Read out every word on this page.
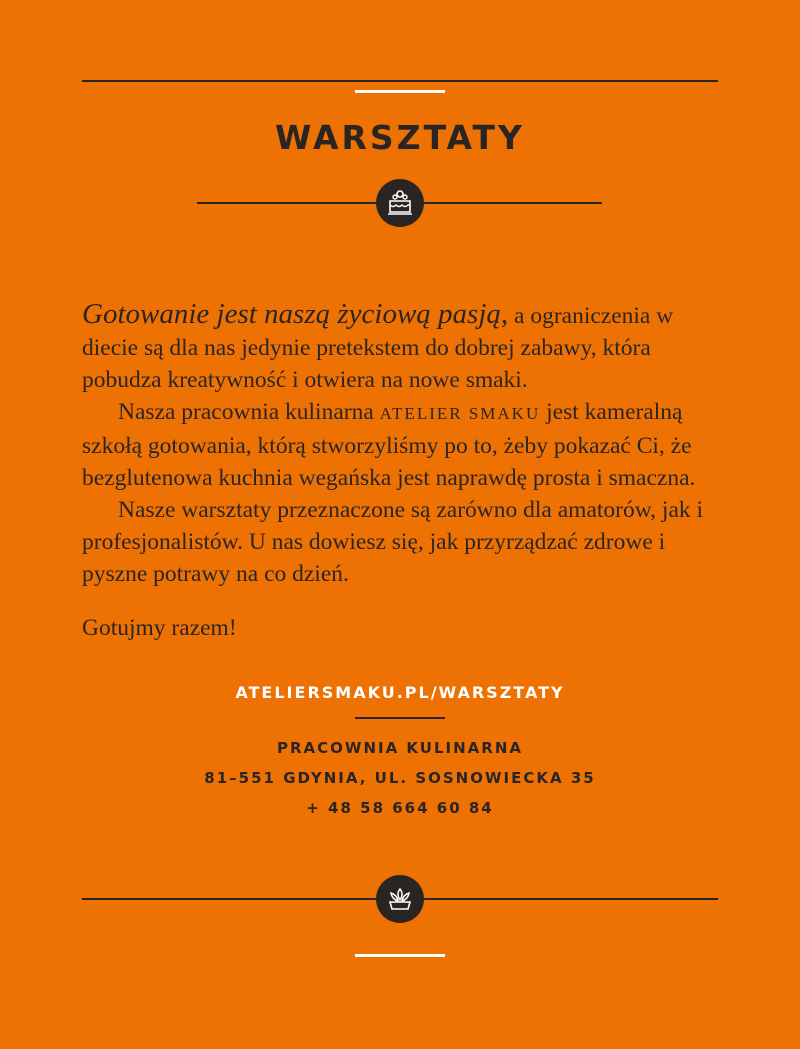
WARSZTATY

Gotowanie jest naszą życiową pasją, a ograniczenia w diecie są dla nas jedynie pretekstem do dobrej zabawy, która pobudza kreatywność i otwiera na nowe smaki.

Nasza pracownia kulinarna ATELIER SMAKU jest kameralną szkołą gotowania, którą stworzyliśmy po to, żeby pokazać Ci, że bezglutenowa kuchnia wegańska jest naprawdę prosta i smaczna.

Nasze warsztaty przeznaczone są zarówno dla amatorów, jak i profesjonalistów. U nas dowiesz się, jak przyrządzać zdrowe i pyszne potrawy na co dzień.

Gotujmy razem!

ATELIERSMAKU.PL/WARSZTATY
PRACOWNIA KULINARNA
81–551 GDYNIA, UL. SOSNOWIECKA 35
+ 48 58 664 60 84
